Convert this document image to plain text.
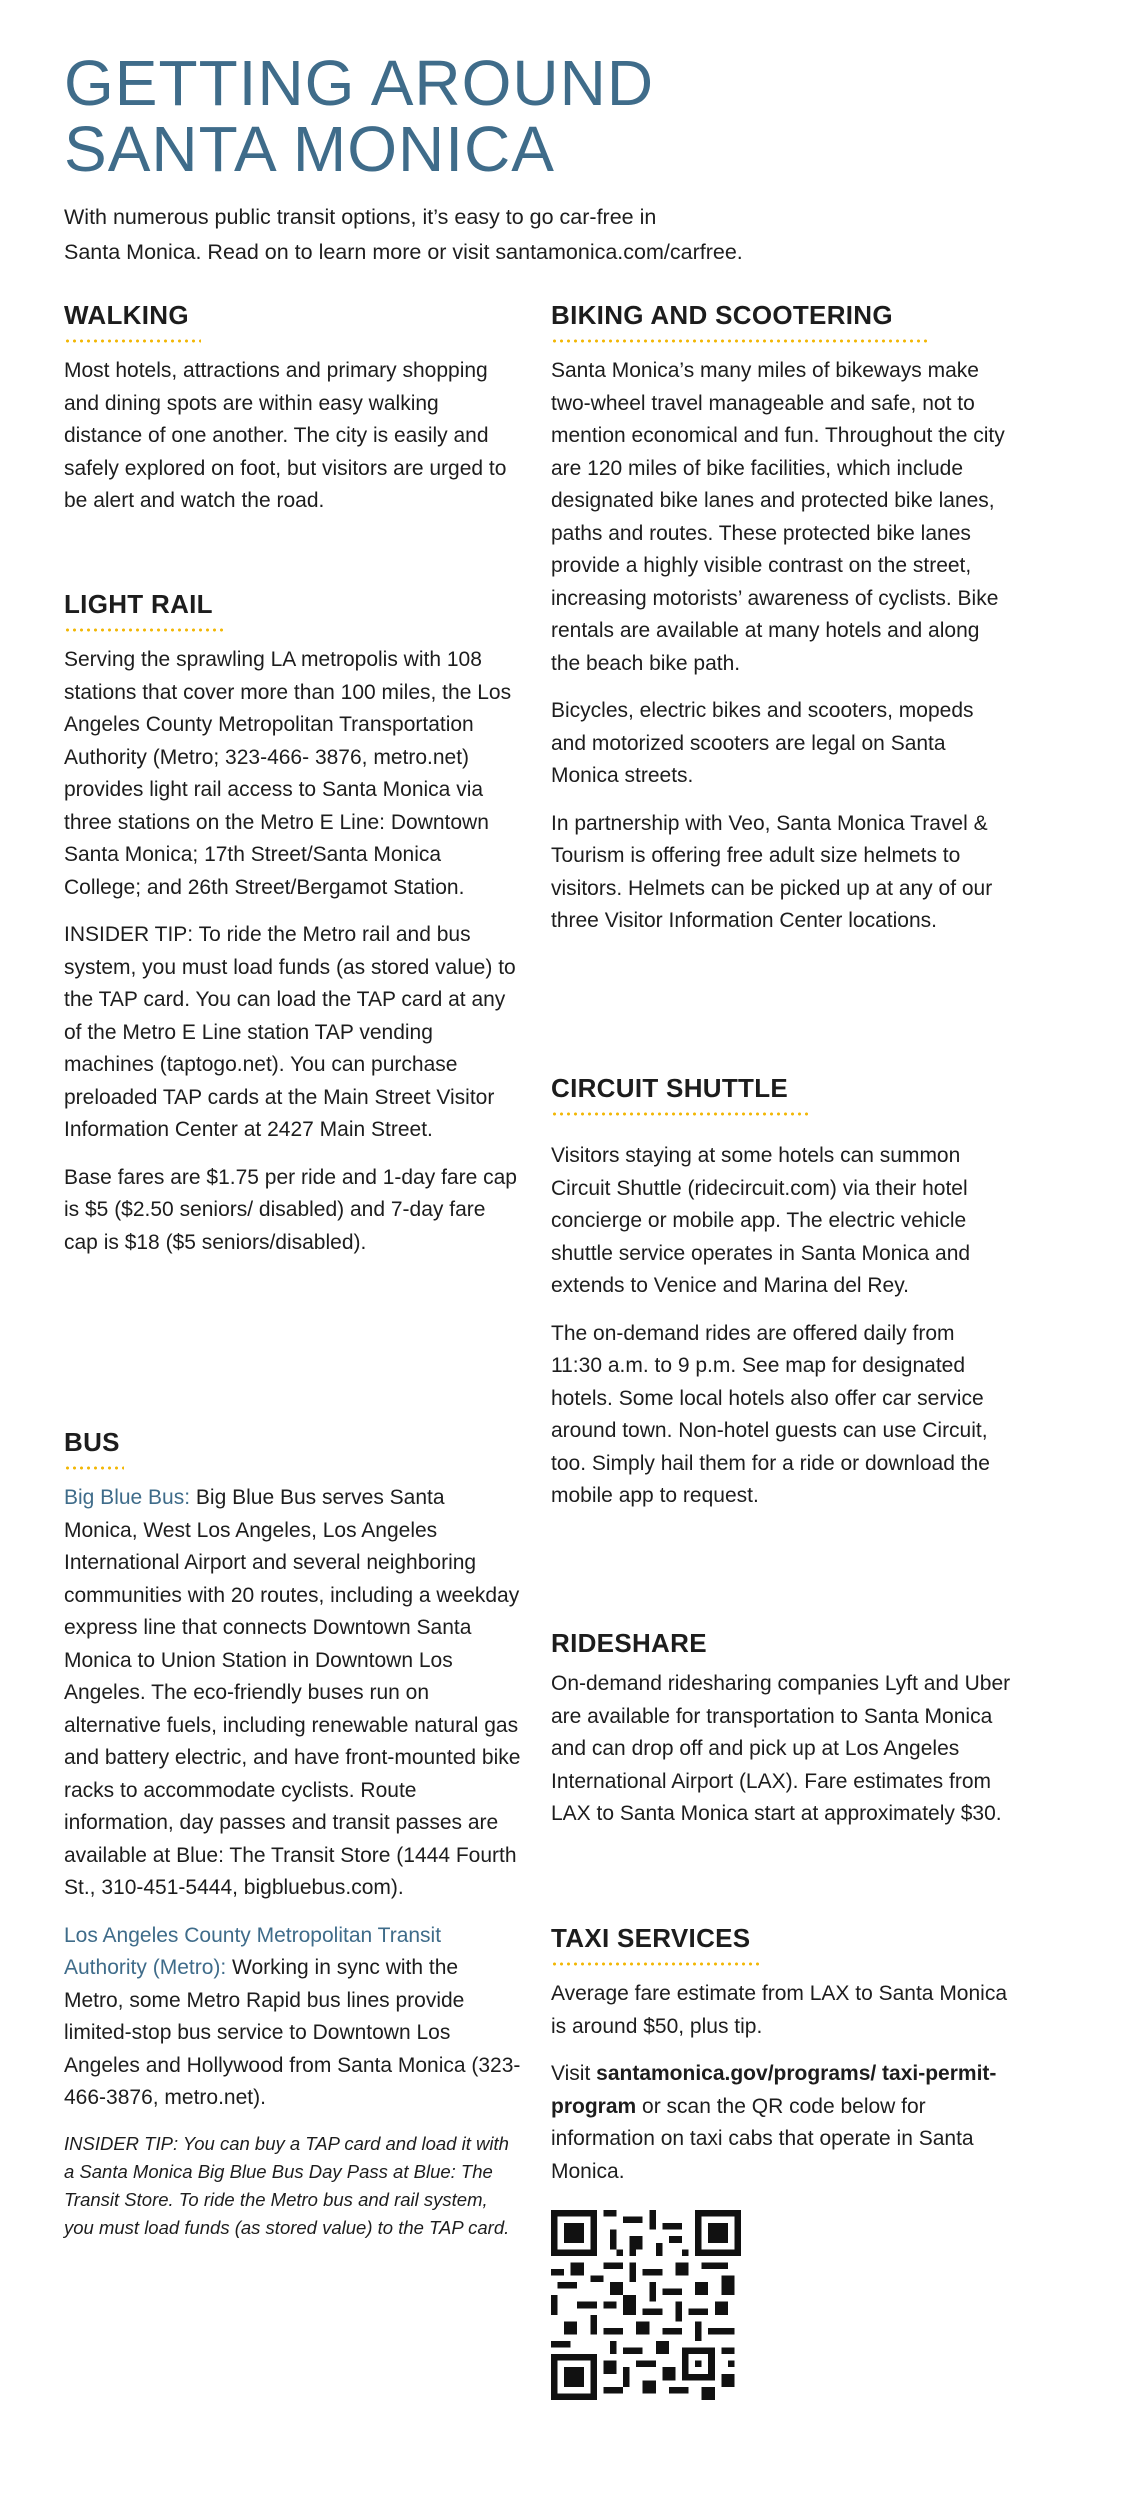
GETTING AROUND
SANTA MONICA

With numerous public transit options, it’s easy to go car-free in
Santa Monica. Read on to learn more or visit santamonica.com/carfree.

WALKING

Most hotels, attractions and primary shopping and dining spots are within easy walking distance of one another. The city is easily and safely explored on foot, but visitors are urged to be alert and watch the road.

LIGHT RAIL

Serving the sprawling LA metropolis with 108 stations that cover more than 100 miles, the Los Angeles County Metropolitan Transportation Authority (Metro; 323-466- 3876, metro.net) provides light rail access to Santa Monica via three stations on the Metro E Line: Downtown Santa Monica; 17th Street/Santa Monica College; and 26th Street/Bergamot Station.

INSIDER TIP: To ride the Metro rail and bus system, you must load funds (as stored value) to the TAP card. You can load the TAP card at any of the Metro E Line station TAP vending machines (taptogo.net). You can purchase preloaded TAP cards at the Main Street Visitor Information Center at 2427 Main Street.

Base fares are $1.75 per ride and 1-day fare cap is $5 ($2.50 seniors/ disabled) and 7-day fare cap is $18 ($5 seniors/disabled).

BUS

Big Blue Bus: Big Blue Bus serves Santa Monica, West Los Angeles, Los Angeles International Airport and several neighboring communities with 20 routes, including a weekday express line that connects Downtown Santa Monica to Union Station in Downtown Los Angeles. The eco-friendly buses run on alternative fuels, including renewable natural gas and battery electric, and have front-mounted bike racks to accommodate cyclists. Route information, day passes and transit passes are available at Blue: The Transit Store (1444 Fourth St., 310-451-5444, bigbluebus.com).

Los Angeles County Metropolitan Transit Authority (Metro): Working in sync with the Metro, some Metro Rapid bus lines provide limited-stop bus service to Downtown Los Angeles and Hollywood from Santa Monica (323-466-3876, metro.net).

INSIDER TIP: You can buy a TAP card and load it with a Santa Monica Big Blue Bus Day Pass at Blue: The Transit Store. To ride the Metro bus and rail system, you must load funds (as stored value) to the TAP card.

BIKING AND SCOOTERING

Santa Monica’s many miles of bikeways make two-wheel travel manageable and safe, not to mention economical and fun. Throughout the city are 120 miles of bike facilities, which include designated bike lanes and protected bike lanes, paths and routes. These protected bike lanes provide a highly visible contrast on the street, increasing motorists’ awareness of cyclists. Bike rentals are available at many hotels and along the beach bike path.

Bicycles, electric bikes and scooters, mopeds and motorized scooters are legal on Santa Monica streets.

In partnership with Veo, Santa Monica Travel & Tourism is offering free adult size helmets to visitors. Helmets can be picked up at any of our three Visitor Information Center locations.

CIRCUIT SHUTTLE

Visitors staying at some hotels can summon Circuit Shuttle (ridecircuit.com) via their hotel concierge or mobile app. The electric vehicle shuttle service operates in Santa Monica and extends to Venice and Marina del Rey.

The on-demand rides are offered daily from 11:30 a.m. to 9 p.m. See map for designated hotels. Some local hotels also offer car service around town. Non-hotel guests can use Circuit, too. Simply hail them for a ride or download the mobile app to request.

RIDESHARE

On-demand ridesharing companies Lyft and Uber are available for transportation to Santa Monica and can drop off and pick up at Los Angeles International Airport (LAX). Fare estimates from LAX to Santa Monica start at approximately $30.

TAXI SERVICES

Average fare estimate from LAX to Santa Monica is around $50, plus tip.

Visit santamonica.gov/programs/ taxi-permit-program or scan the QR code below for information on taxi cabs that operate in Santa Monica.
